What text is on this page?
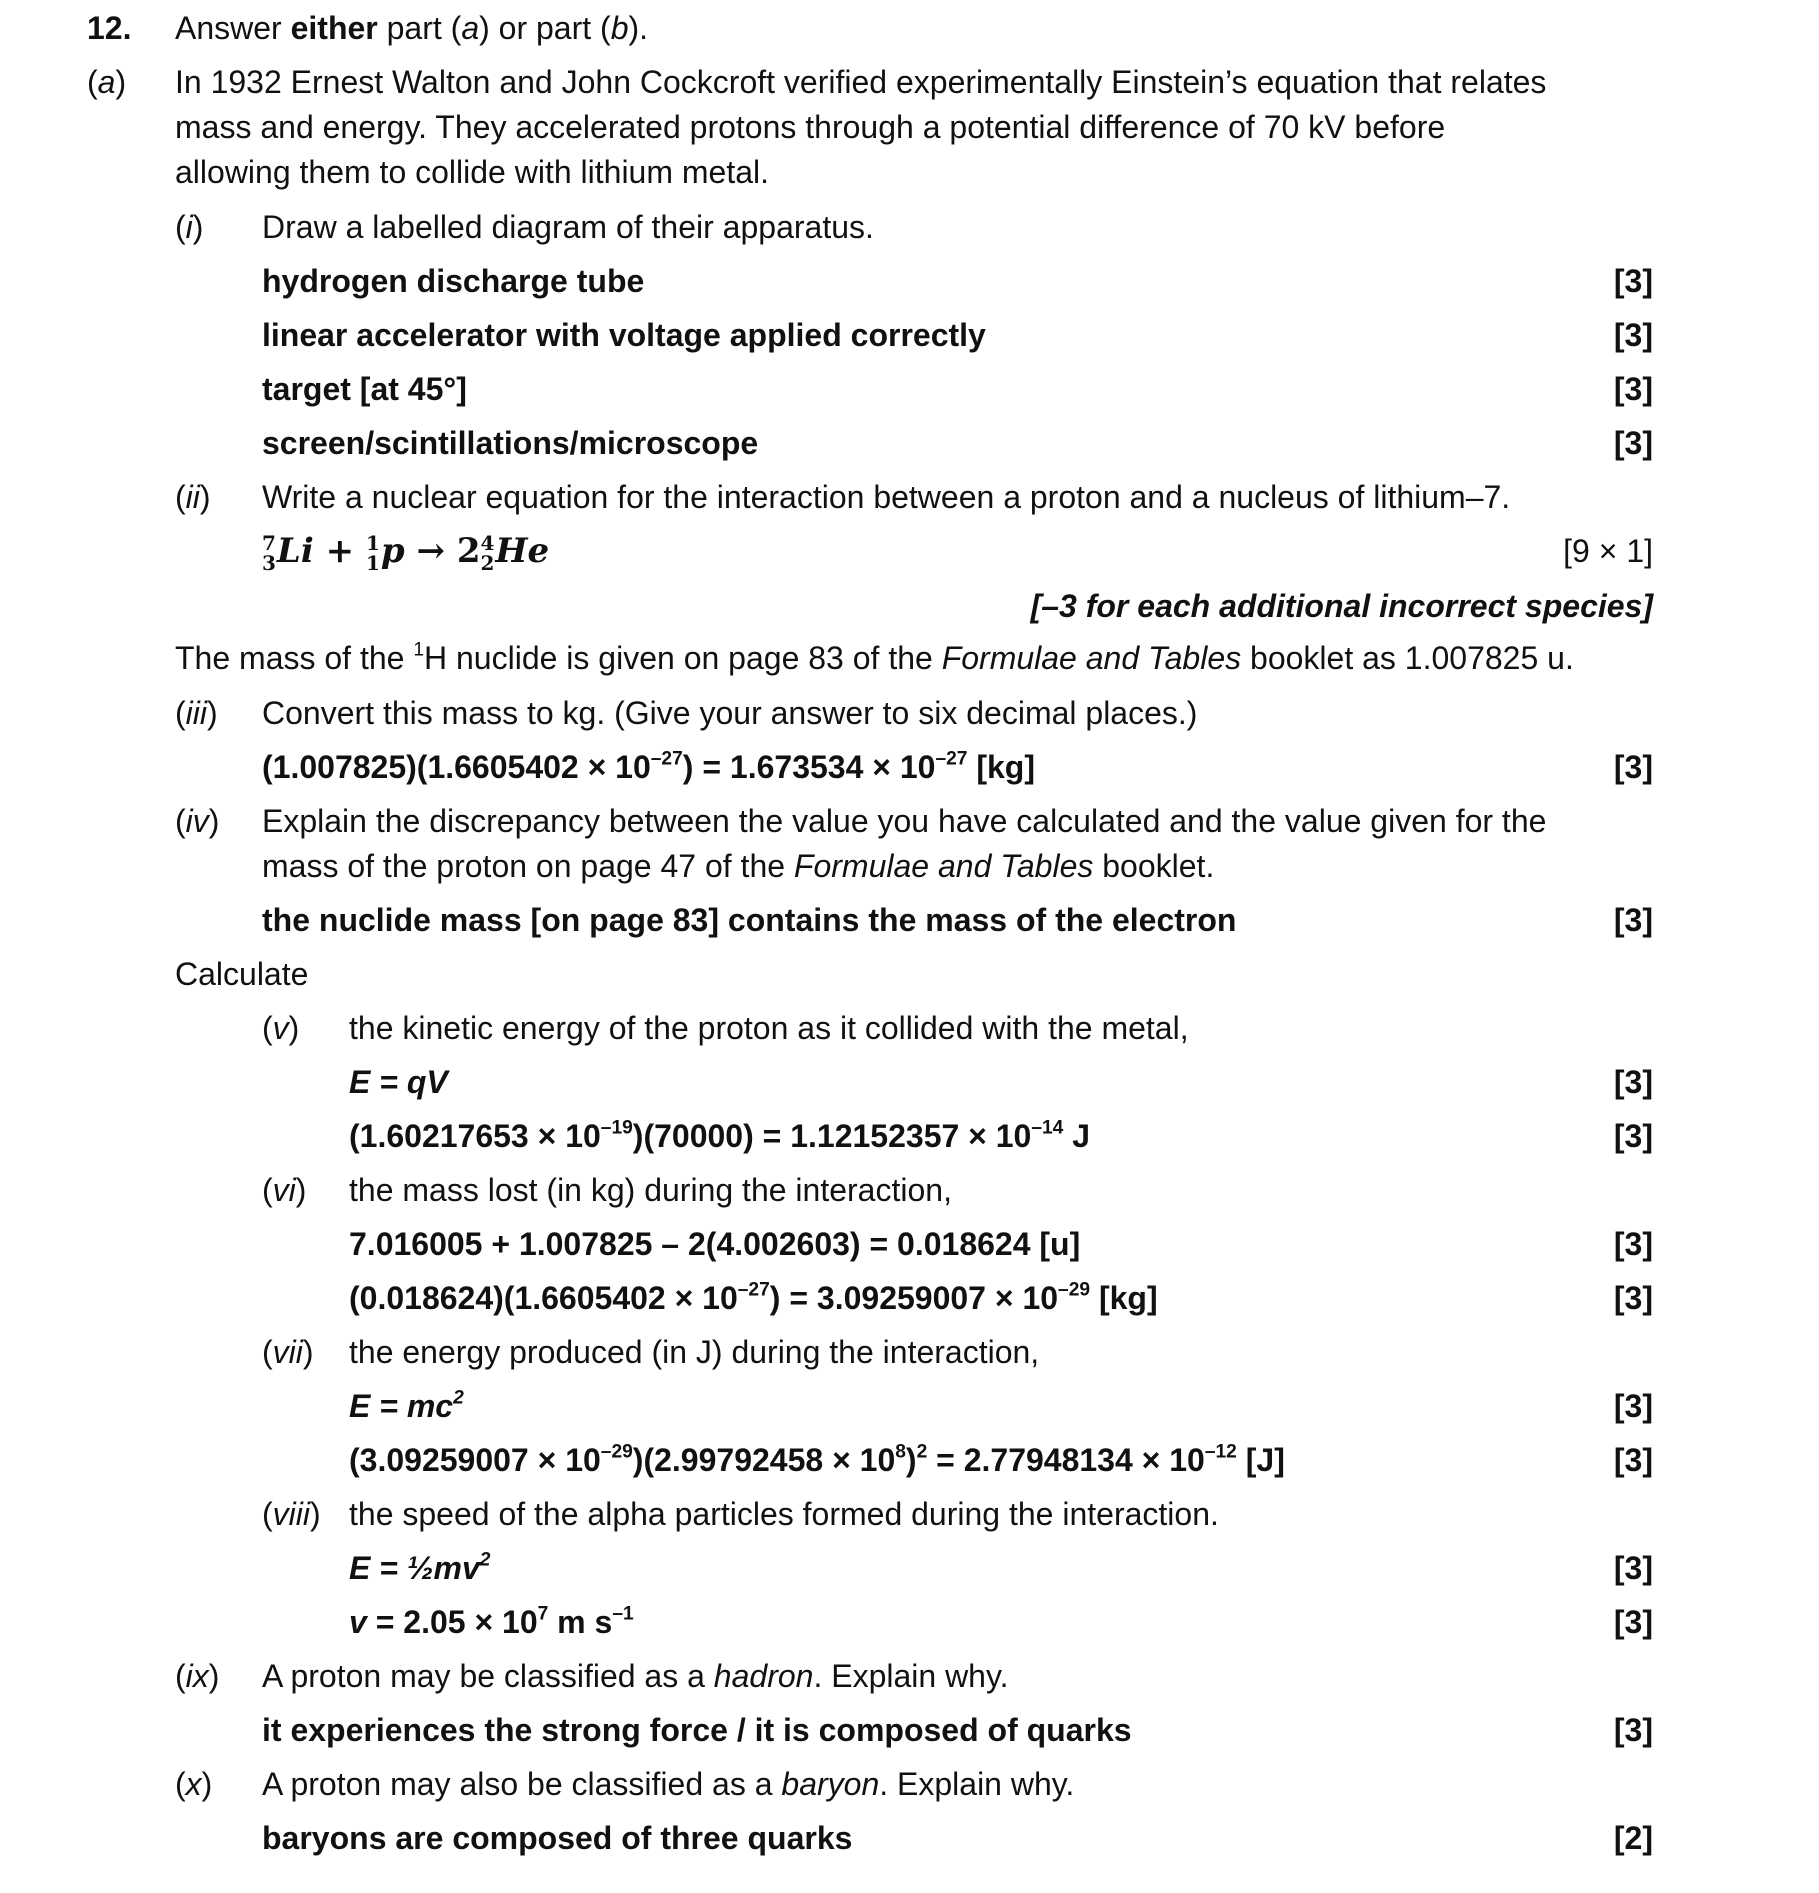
12. Answer either part (a) or part (b).
(a) In 1932 Ernest Walton and John Cockcroft verified experimentally Einstein’s equation that relates
mass and energy. They accelerated protons through a potential difference of 70 kV before
allowing them to collide with lithium metal.
(i) Draw a labelled diagram of their apparatus.
hydrogen discharge tube	[3]
linear accelerator with voltage applied correctly	[3]
target [at 45°]	[3]
screen/scintillations/microscope	[3]
(ii) Write a nuclear equation for the interaction between a proton and a nucleus of lithium–7.
7
3 Li + 1
1 p → 2 4
2 He	[9 × 1]
[–3 for each additional incorrect species]
The mass of the $^1$H nuclide is given on page 83 of the Formulae and Tables booklet as 1.007825 u.
(iii) Convert this mass to kg. (Give your answer to six decimal places.)
$(1.007825)(1.6605402 \times 10^{-27}) = 1.673534 \times 10^{-27}$ [kg]	[3]
(iv) Explain the discrepancy between the value you have calculated and the value given for the
mass of the proton on page 47 of the Formulae and Tables booklet.
the nuclide mass [on page 83] contains the mass of the electron	[3]
Calculate
(v) the kinetic energy of the proton as it collided with the metal,
E = qV	[3]
$(1.60217653 \times 10^{-19})(70000) = 1.12152357 \times 10^{-14}$ J	[3]
(vi) the mass lost (in kg) during the interaction,
7.016005 + 1.007825 – 2(4.002603) = 0.018624 [u]	[3]
$(0.018624)(1.6605402 \times 10^{-27}) = 3.09259007 \times 10^{-29}$ [kg]	[3]
(vii) the energy produced (in J) during the interaction,
$E = mc^2$	[3]
$(3.09259007 \times 10^{-29})(2.99792458 \times 10^8)^2 = 2.77948134 \times 10^{-12}$ [J]	[3]
(viii) the speed of the alpha particles formed during the interaction.
$E = \frac{1}{2}mv^2$	[3]
$v = 2.05 \times 10^7$ m $s^{-1}$	[3]
(ix) A proton may be classified as a hadron. Explain why.
it experiences the strong force / it is composed of quarks	[3]
(x) A proton may also be classified as a baryon. Explain why.
baryons are composed of three quarks	[2]
